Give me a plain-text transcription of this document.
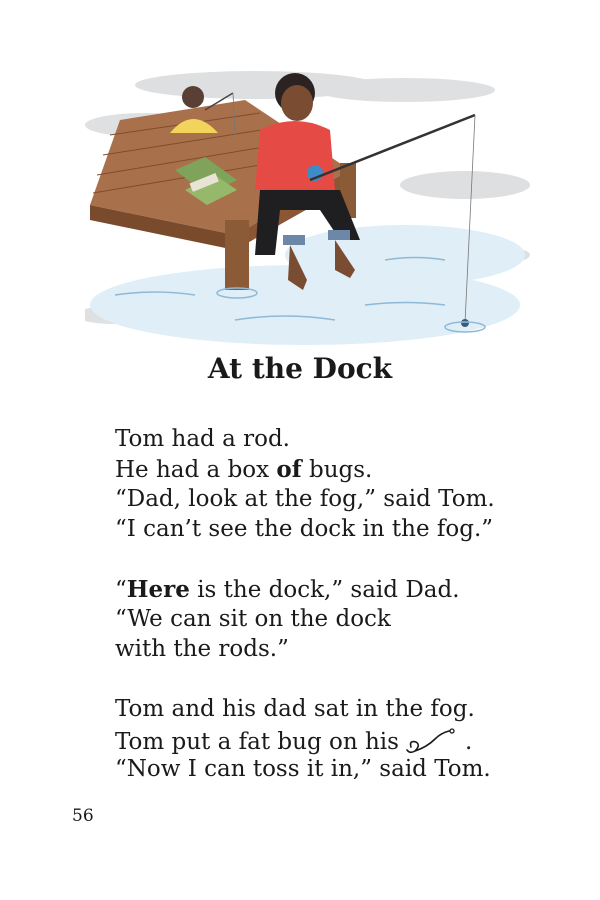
At the Dock
Tom had a rod.
He had a box of bugs.
“Dad, look at the fog,” said Tom.
“I can’t see the dock in the fog.”
“Here is the dock,” said Dad.
“We can sit on the dock
with the rods.”
Tom and his dad sat in the fog.
Tom put a fat bug on his	.
“Now I can toss it in,” said Tom.
56
